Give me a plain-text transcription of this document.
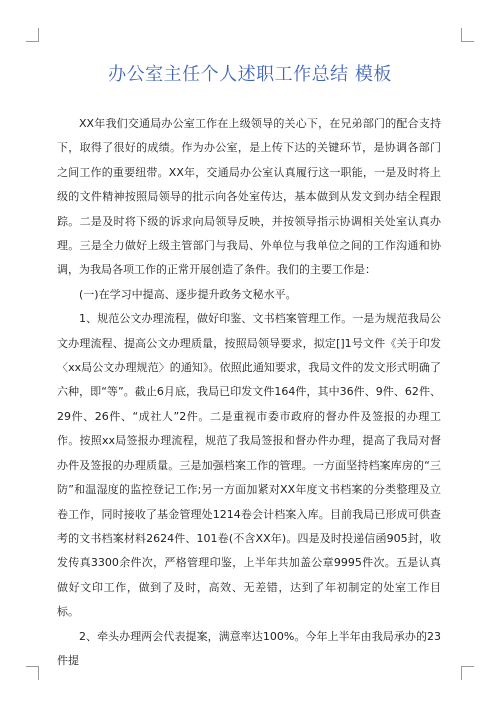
办公室主任个人述职工作总结 模板

XX年我们交通局办公室工作在上级领导的关心下，在兄弟部门的配合支持下，取得了很好的成绩。作为办公室，是上传下达的关键环节，是协调各部门之间工作的重要纽带。XX年，交通局办公室认真履行这一职能，一是及时将上级的文件精神按照局领导的批示向各处室传达，基本做到从发文到办结全程跟踪。二是及时将下级的诉求向局领导反映，并按领导指示协调相关处室认真办理。三是全力做好上级主管部门与我局、外单位与我单位之间的工作沟通和协调，为我局各项工作的正常开展创造了条件。我们的主要工作是：

(一)在学习中提高、逐步提升政务文秘水平。

1、规范公文办理流程，做好印鉴、文书档案管理工作。一是为规范我局公文办理流程、提高公文办理质量，按照局领导要求，拟定[]1号文件《关于印发〈xx局公文办理规范〉的通知》。依照此通知要求，我局文件的发文形式明确了六种，即“等”。截止6月底，我局已印发文件164件，其中36件、9件、62件、29件、26件、“成社人”2件。二是重视市委市政府的督办件及签报的办理工作。按照xx局签报办理流程，规范了我局签报和督办件办理，提高了我局对督办件及签报的办理质量。三是加强档案工作的管理。一方面坚持档案库房的“三防”和温湿度的监控登记工作;另一方面加紧对XX年度文书档案的分类整理及立卷工作，同时接收了基金管理处1214卷会计档案入库。目前我局已形成可供查考的文书档案材料2624件、101卷(不含XX年)。四是及时投递信函905封，收发传真3300余件次，严格管理印鉴，上半年共加盖公章9995件次。五是认真做好文印工作，做到了及时，高效、无差错，达到了年初制定的处室工作目标。

2、牵头办理两会代表提案，满意率达100%。今年上半年由我局承办的23件提
